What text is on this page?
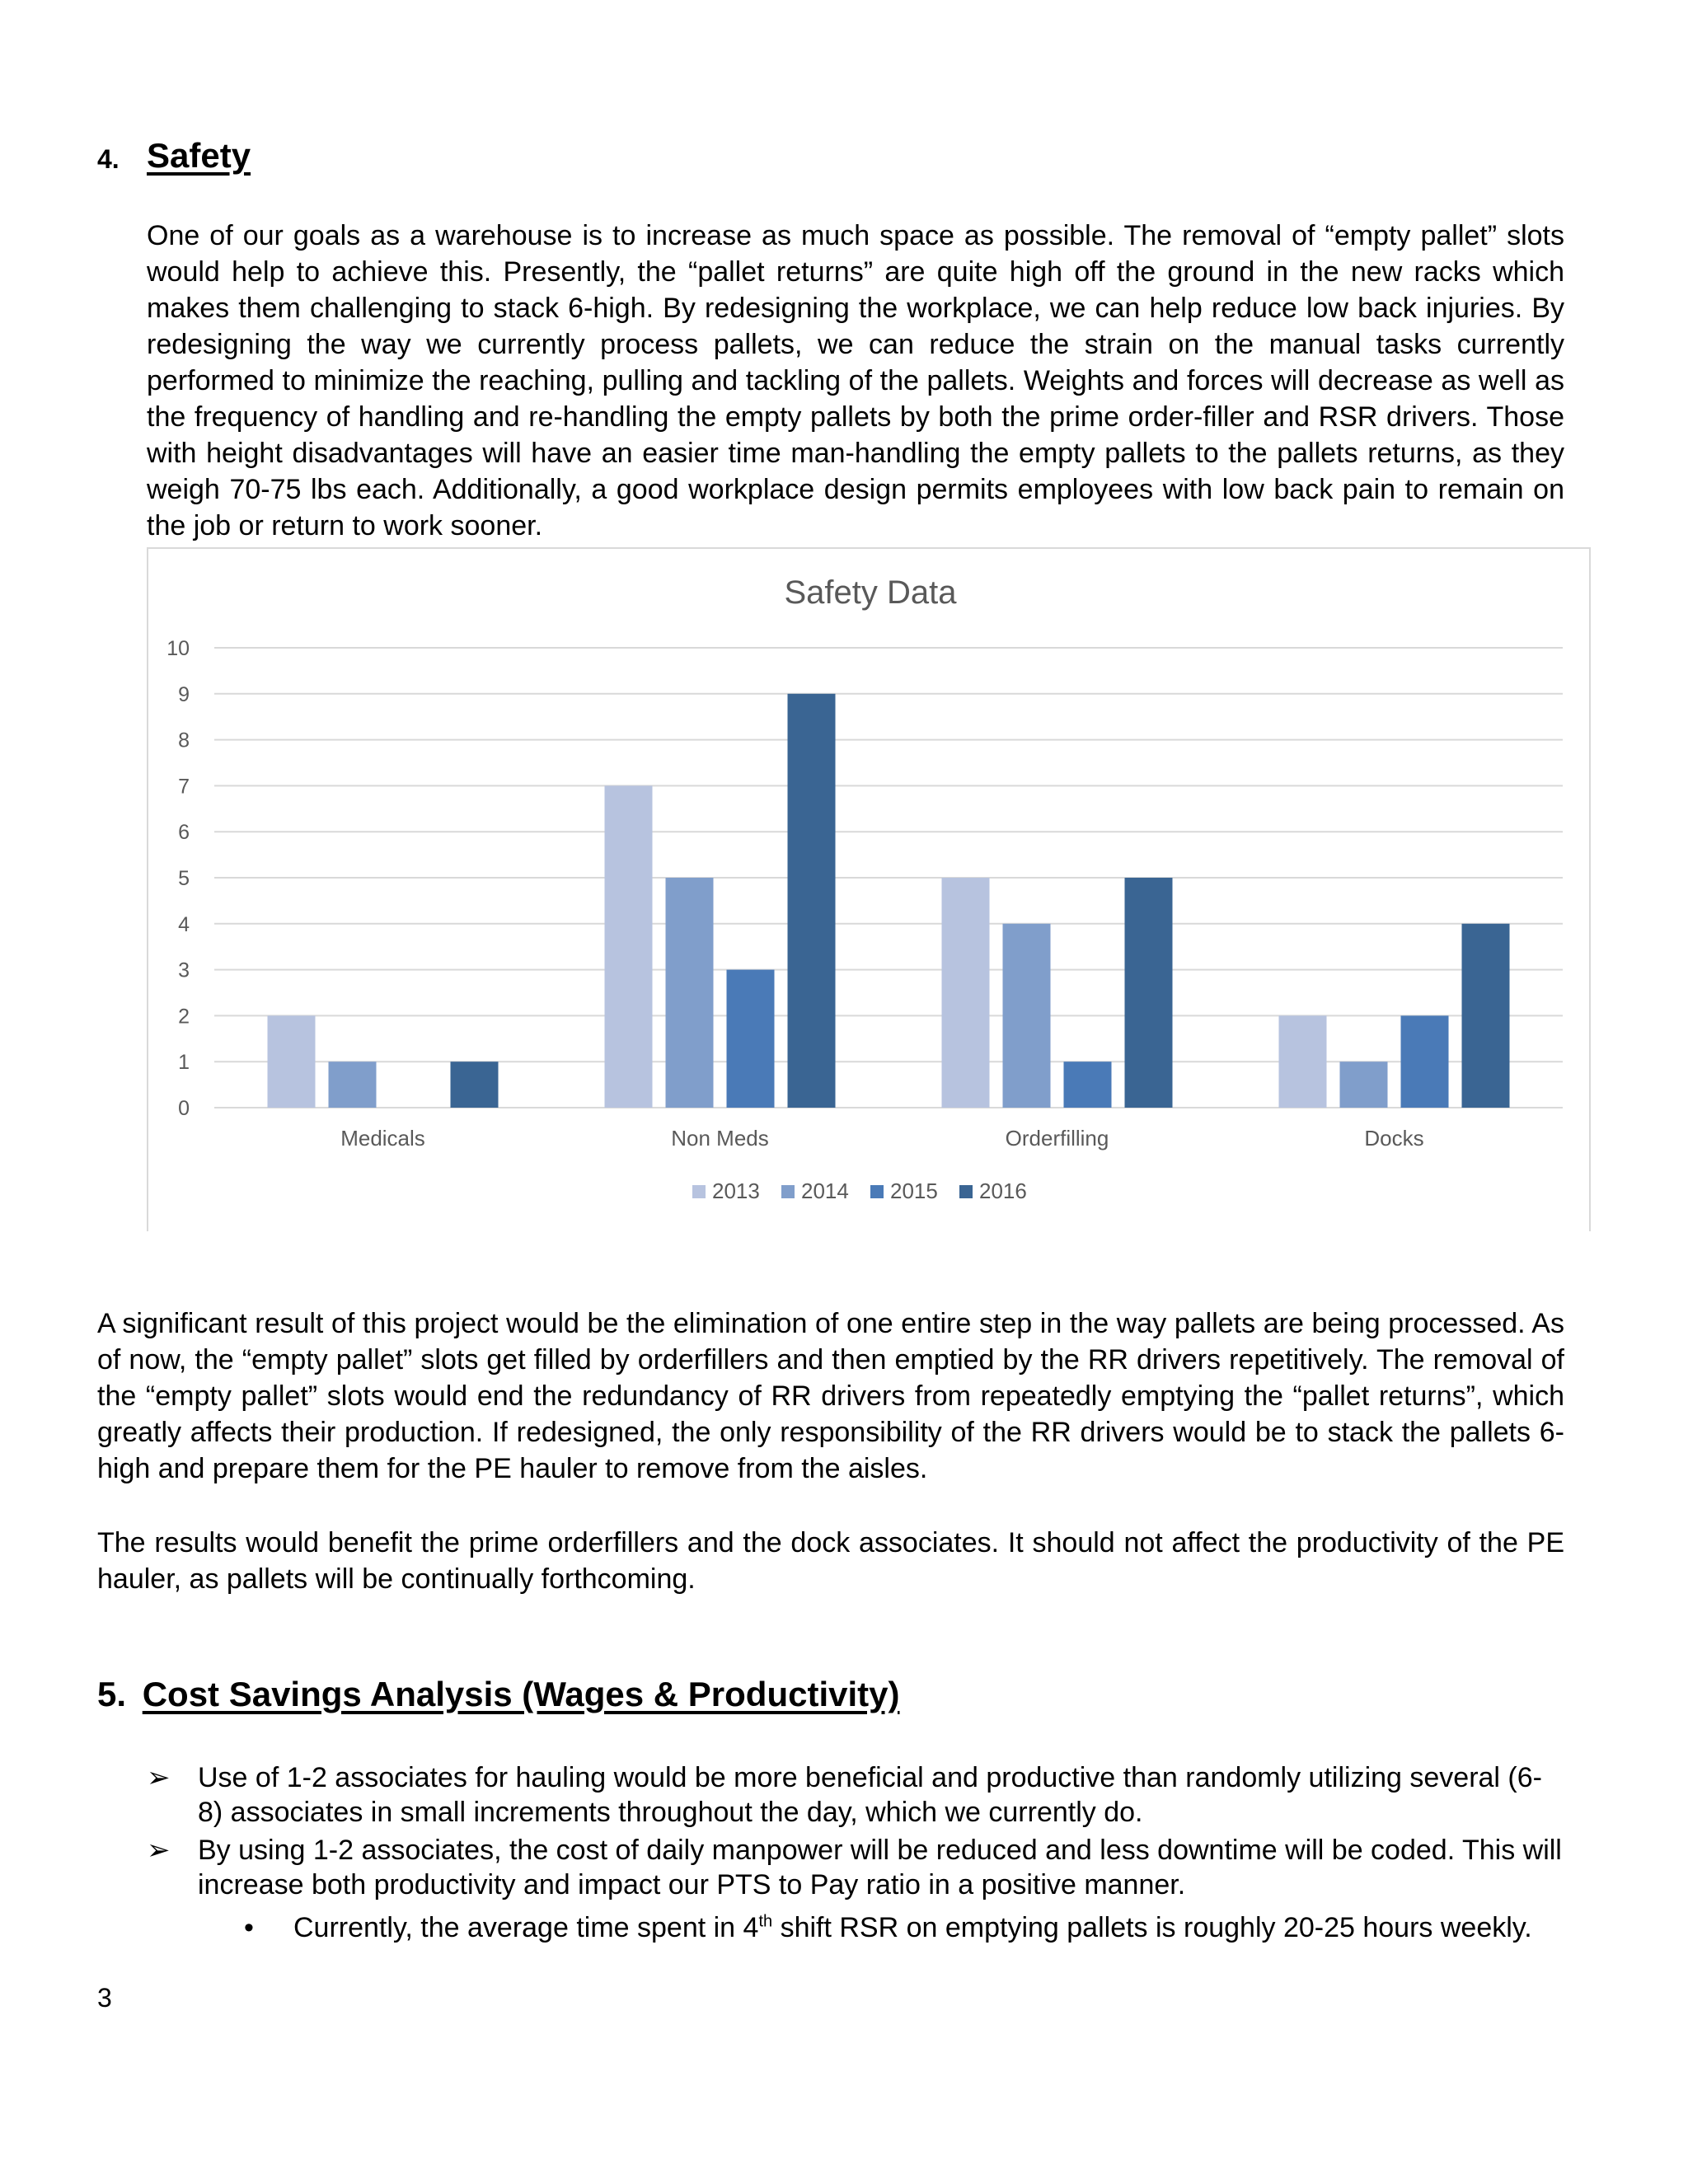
4. Safety

One of our goals as a warehouse is to increase as much space as possible. The removal of “empty pallet” slots would help to achieve this. Presently, the “pallet returns” are quite high off the ground in the new racks which makes them challenging to stack 6-high. By redesigning the workplace, we can help reduce low back injuries. By redesigning the way we currently process pallets, we can reduce the strain on the manual tasks currently performed to minimize the reaching, pulling and tackling of the pallets. Weights and forces will decrease as well as the frequency of handling and re-handling the empty pallets by both the prime order-filler and RSR drivers. Those with height disadvantages will have an easier time man-handling the empty pallets to the pallets returns, as they weigh 70-75 lbs each. Additionally, a good workplace design permits employees with low back pain to remain on the job or return to work sooner.

Safety Data
0
1
2
3
4
5
6
7
8
9
10
Medicals	Non Meds	Orderfilling	Docks
2013 2014 2015 2016

A significant result of this project would be the elimination of one entire step in the way pallets are being processed. As of now, the “empty pallet” slots get filled by orderfillers and then emptied by the RR drivers repetitively. The removal of the “empty pallet” slots would end the redundancy of RR drivers from repeatedly emptying the “pallet returns”, which greatly affects their production. If redesigned, the only responsibility of the RR drivers would be to stack the pallets 6-high and prepare them for the PE hauler to remove from the aisles.

The results would benefit the prime orderfillers and the dock associates. It should not affect the productivity of the PE hauler, as pallets will be continually forthcoming.

5. Cost Savings Analysis (Wages & Productivity)
➢ Use of 1-2 associates for hauling would be more beneficial and productive than randomly utilizing several (6-8) associates in small increments throughout the day, which we currently do.

➢ By using 1-2 associates, the cost of daily manpower will be reduced and less downtime will be coded. This will increase both productivity and impact our PTS to Pay ratio in a positive manner.

• Currently, the average time spent in 4th shift RSR on emptying pallets is roughly 20-25 hours weekly.
3
